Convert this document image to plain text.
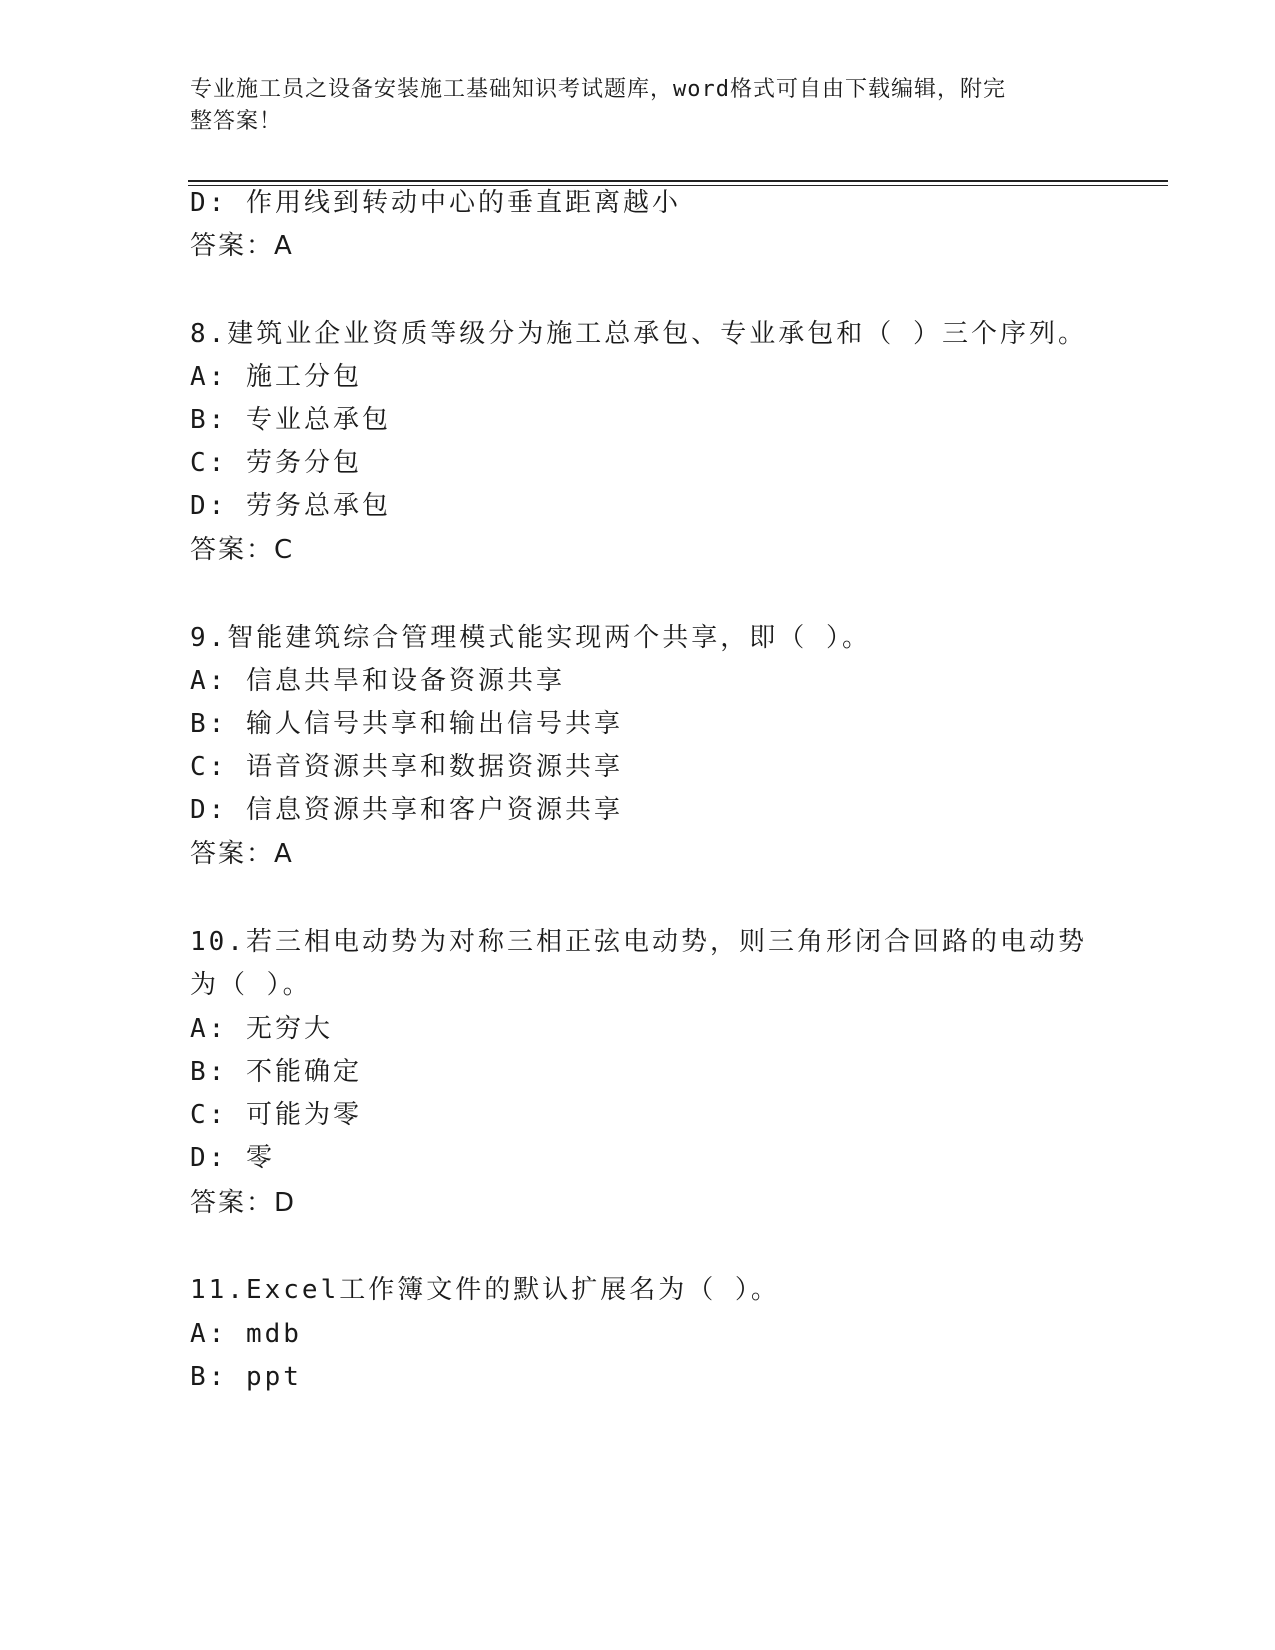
专业施工员之设备安装施工基础知识考试题库，word格式可自由下载编辑，附完
整答案！
D: 作用线到转动中心的垂直距离越小
答案：A
8.建筑业企业资质等级分为施工总承包、专业承包和（ ）三个序列。
A: 施工分包
B: 专业总承包
C: 劳务分包
D: 劳务总承包
答案：C
9.智能建筑综合管理模式能实现两个共享，即（ ）。
A: 信息共旱和设备资源共享
B: 输人信号共享和输出信号共享
C: 语音资源共享和数据资源共享
D: 信息资源共享和客户资源共享
答案：A
10.若三相电动势为对称三相正弦电动势，则三角形闭合回路的电动势
为（ ）。
A: 无穷大
B: 不能确定
C: 可能为零
D: 零
答案：D
11.Excel工作簿文件的默认扩展名为（ ）。
A: mdb
B: ppt
